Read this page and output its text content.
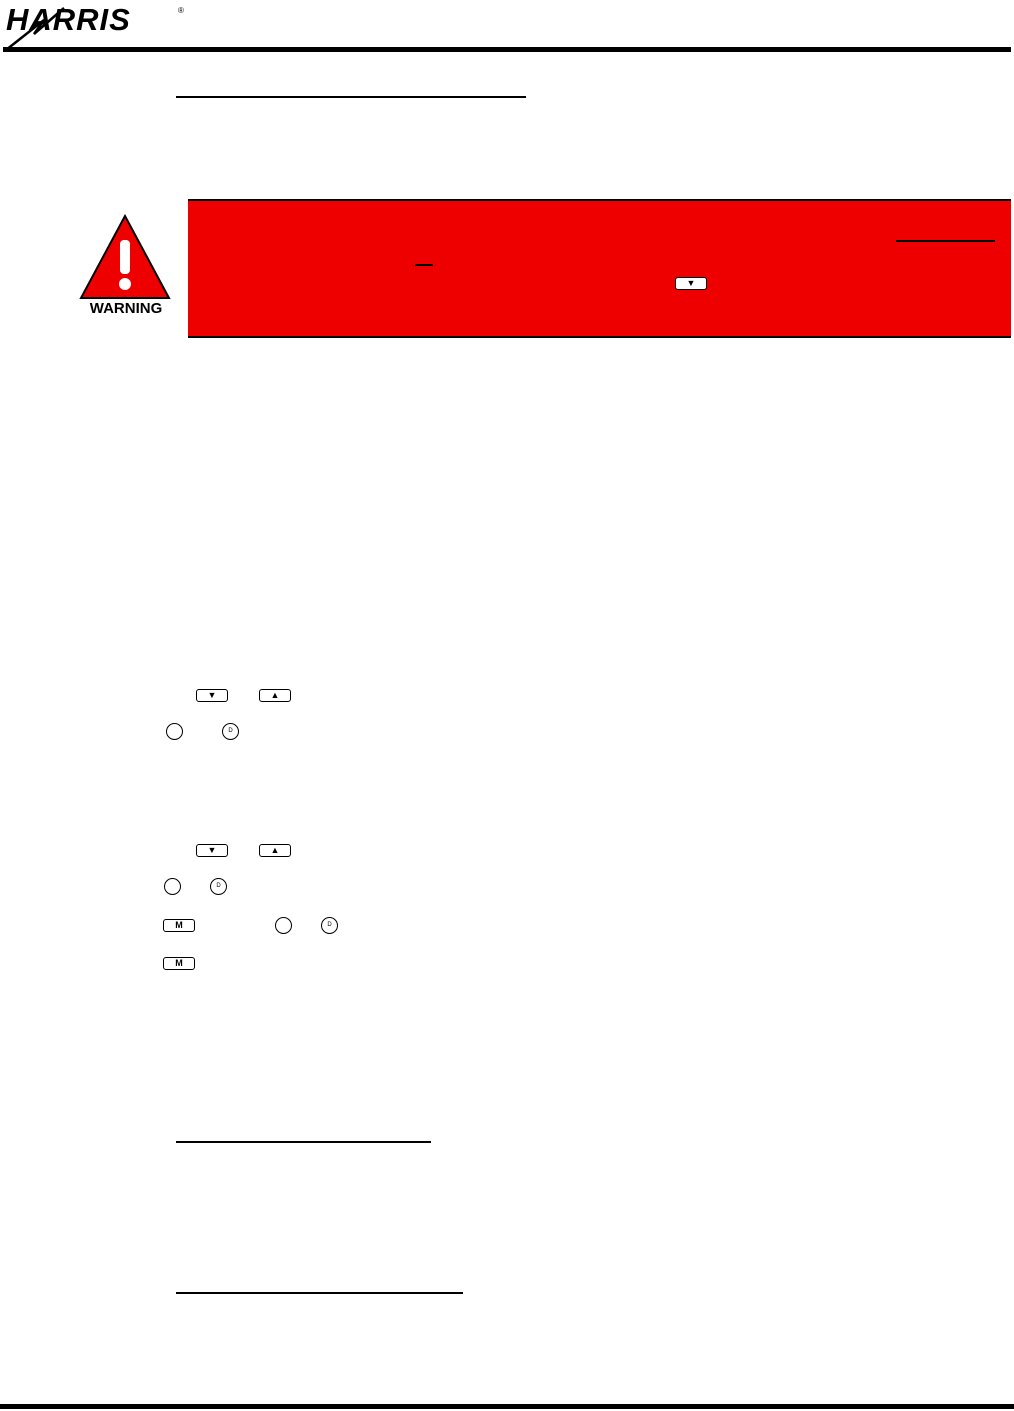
HARRIS	®
WARNING
▼
▼	▲
D
▼	▲
D
M	D
M
